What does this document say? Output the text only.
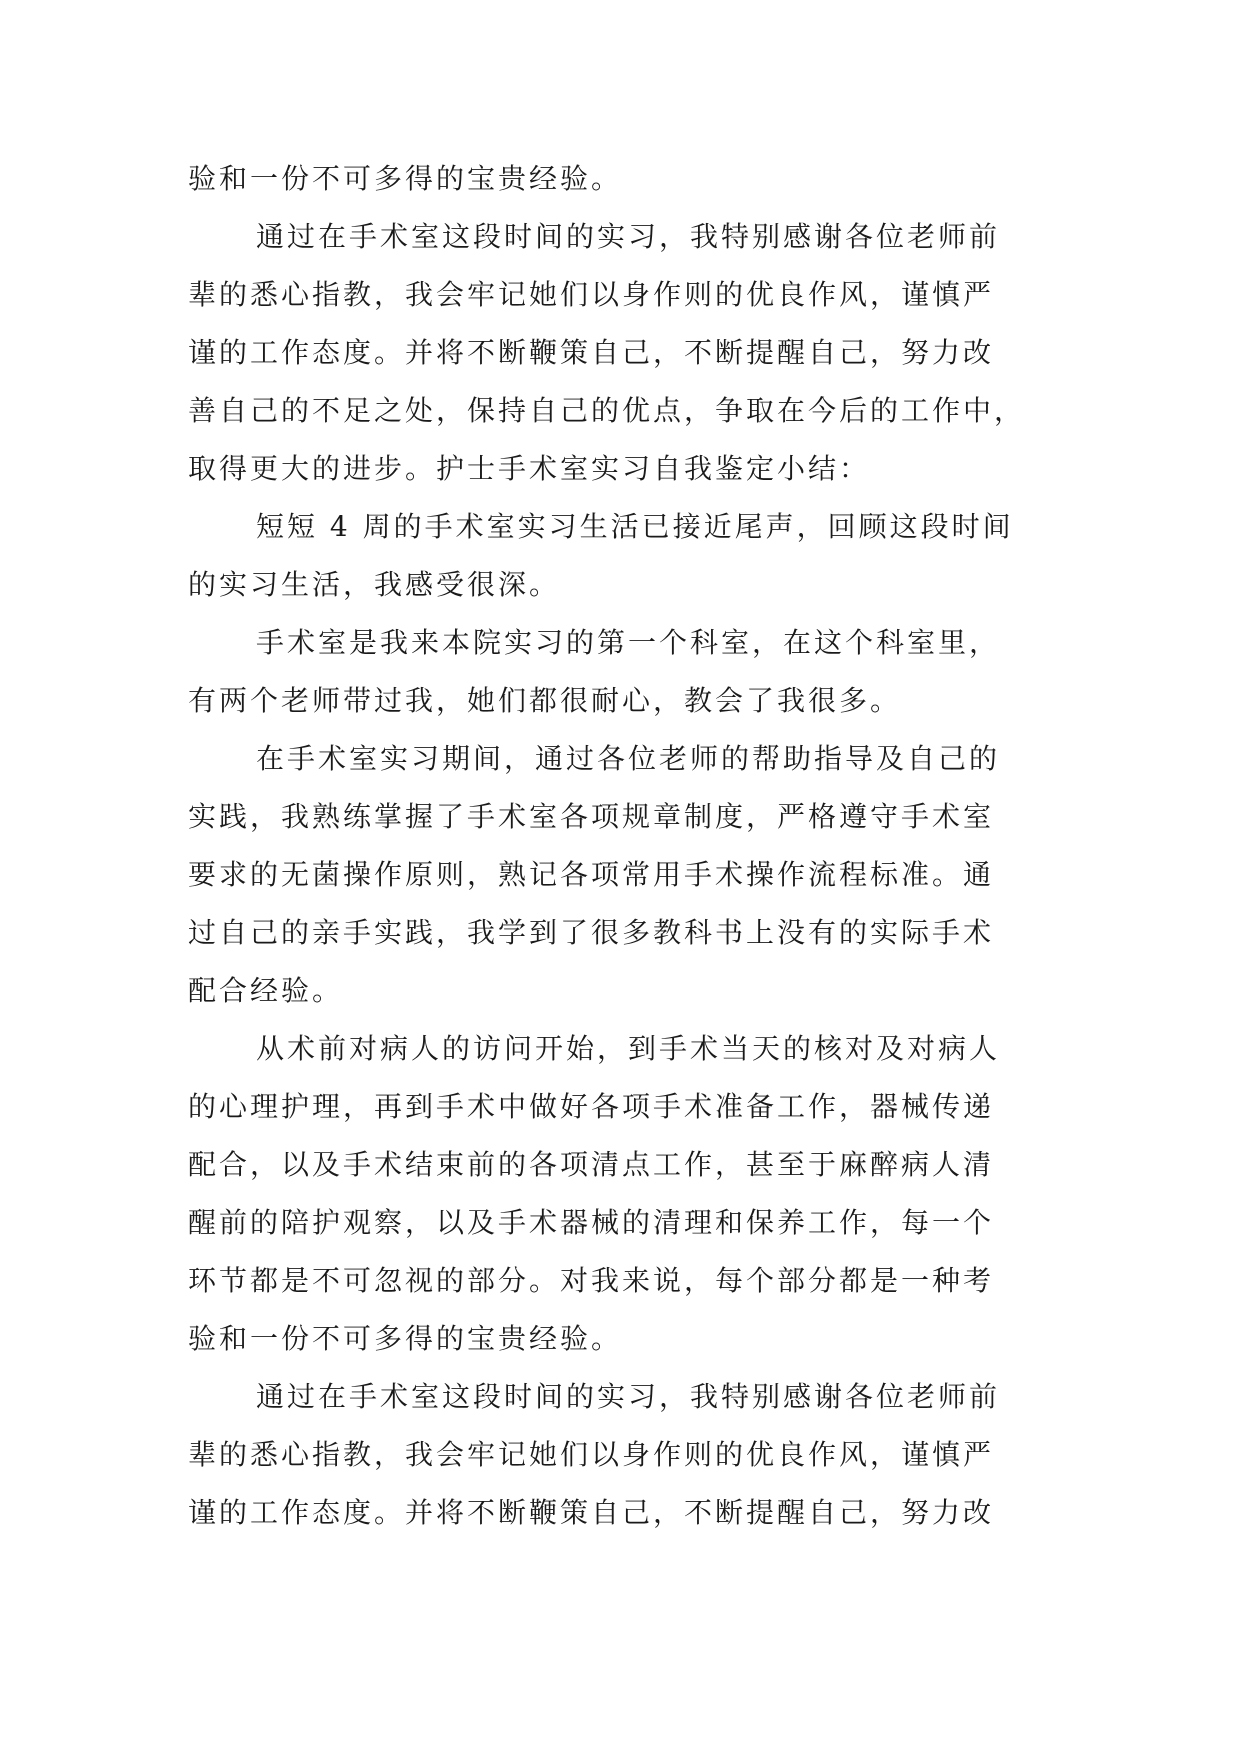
验和一份不可多得的宝贵经验。
通过在手术室这段时间的实习，我特别感谢各位老师前
辈的悉心指教，我会牢记她们以身作则的优良作风，谨慎严
谨的工作态度。并将不断鞭策自己，不断提醒自己，努力改
善自己的不足之处，保持自己的优点，争取在今后的工作中，
取得更大的进步。护士手术室实习自我鉴定小结：
短短 4 周的手术室实习生活已接近尾声，回顾这段时间
的实习生活，我感受很深。
手术室是我来本院实习的第一个科室，在这个科室里，
有两个老师带过我，她们都很耐心，教会了我很多。
在手术室实习期间，通过各位老师的帮助指导及自己的
实践，我熟练掌握了手术室各项规章制度，严格遵守手术室
要求的无菌操作原则，熟记各项常用手术操作流程标准。通
过自己的亲手实践，我学到了很多教科书上没有的实际手术
配合经验。
从术前对病人的访问开始，到手术当天的核对及对病人
的心理护理，再到手术中做好各项手术准备工作，器械传递
配合，以及手术结束前的各项清点工作，甚至于麻醉病人清
醒前的陪护观察，以及手术器械的清理和保养工作，每一个
环节都是不可忽视的部分。对我来说，每个部分都是一种考
验和一份不可多得的宝贵经验。
通过在手术室这段时间的实习，我特别感谢各位老师前
辈的悉心指教，我会牢记她们以身作则的优良作风，谨慎严
谨的工作态度。并将不断鞭策自己，不断提醒自己，努力改
